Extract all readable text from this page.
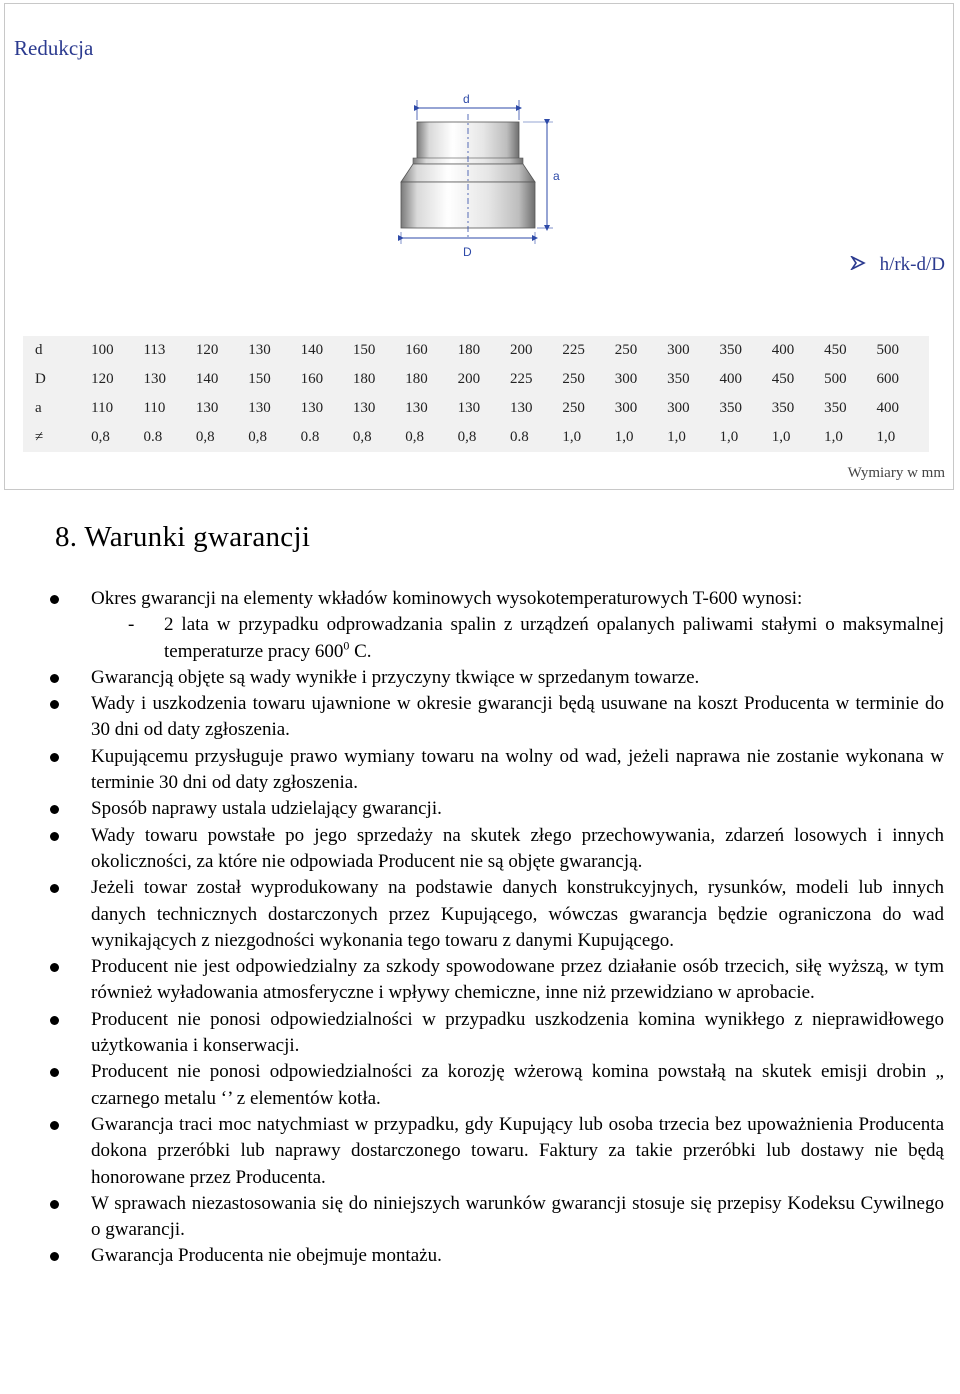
Redukcja
d
a
D
h/rk-d/D
d	100	113	120	130	140	150	160	180	200	225	250	300	350	400	450	500
D	120	130	140	150	160	180	180	200	225	250	300	350	400	450	500	600
a	110	110	130	130	130	130	130	130	130	250	300	300	350	350	350	400
≠	0,8	0.8	0,8	0,8	0.8	0,8	0,8	0,8	0.8	1,0	1,0	1,0	1,0	1,0	1,0	1,0
Wymiary w mm
8. Warunki gwarancji
Okres gwarancji na elementy wkładów kominowych wysokotemperaturowych T-600 wynosi:
- 2 lata w przypadku odprowadzania spalin z urządzeń opalanych paliwami stałymi o maksymalnej temperaturze pracy $600^0$ C.
Gwarancją objęte są wady wynikłe i przyczyny tkwiące w sprzedanym towarze.
Wady i uszkodzenia towaru ujawnione w okresie gwarancji będą usuwane na koszt Producenta w terminie do 30 dni od daty zgłoszenia.
Kupującemu przysługuje prawo wymiany towaru na wolny od wad, jeżeli naprawa nie zostanie wykonana w terminie 30 dni od daty zgłoszenia.
Sposób naprawy ustala udzielający gwarancji.
Wady towaru powstałe po jego sprzedaży na skutek złego przechowywania, zdarzeń losowych i innych okoliczności, za które nie odpowiada Producent nie są objęte gwarancją.
Jeżeli towar został wyprodukowany na podstawie danych konstrukcyjnych, rysunków, modeli lub innych danych technicznych dostarczonych przez Kupującego, wówczas gwarancja będzie ograniczona do wad wynikających z niezgodności wykonania tego towaru z danymi Kupującego.
Producent nie jest odpowiedzialny za szkody spowodowane przez działanie osób trzecich, siłę wyższą, w tym również wyładowania atmosferyczne i wpływy chemiczne, inne niż przewidziano w aprobacie.
Producent nie ponosi odpowiedzialności w przypadku uszkodzenia komina wynikłego z nieprawidłowego użytkowania i konserwacji.
Producent nie ponosi odpowiedzialności za korozję wżerową komina powstałą na skutek emisji drobin „ czarnego metalu ‘’ z elementów kotła.
Gwarancja traci moc natychmiast w przypadku, gdy Kupujący lub osoba trzecia bez upoważnienia Producenta dokona przeróbki lub naprawy dostarczonego towaru. Faktury za takie przeróbki lub dostawy nie będą honorowane przez Producenta.
W sprawach niezastosowania się do niniejszych warunków gwarancji stosuje się przepisy Kodeksu Cywilnego o gwarancji.
Gwarancja Producenta nie obejmuje montażu.
